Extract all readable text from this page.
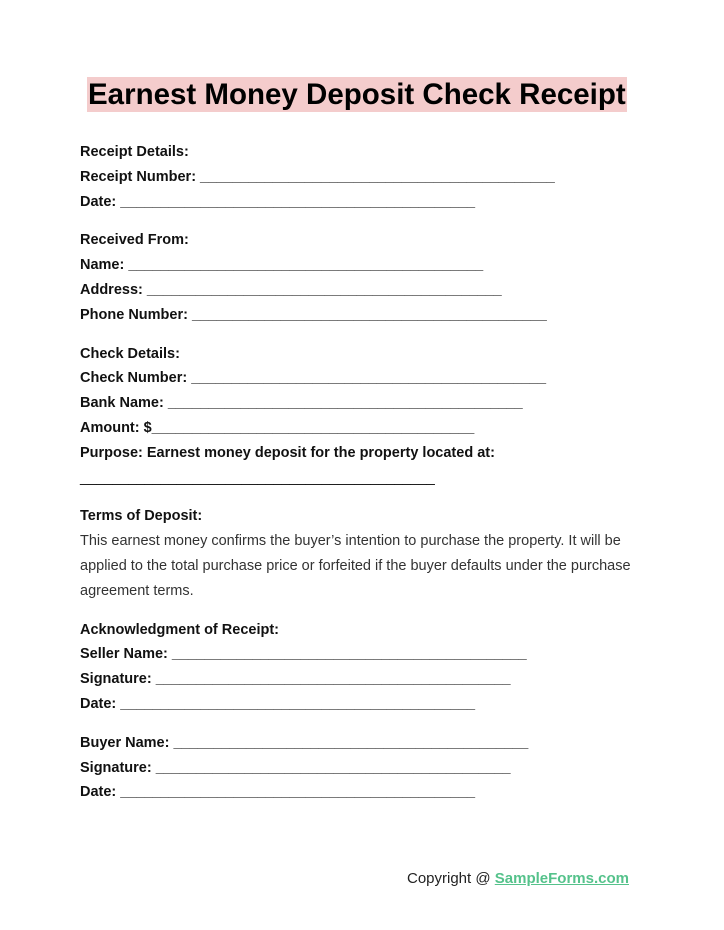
Earnest Money Deposit Check Receipt
Receipt Details:
Receipt Number: ____________________________________________
Date: ____________________________________________
Received From:
Name: ____________________________________________
Address: ____________________________________________
Phone Number: ____________________________________________
Check Details:
Check Number: ____________________________________________
Bank Name: ____________________________________________
Amount: $________________________________________
Purpose: Earnest money deposit for the property located at:
____________________________________________
Terms of Deposit:
This earnest money confirms the buyer’s intention to purchase the property. It will be applied to the total purchase price or forfeited if the buyer defaults under the purchase agreement terms.
Acknowledgment of Receipt:
Seller Name: ____________________________________________
Signature: ____________________________________________
Date: ____________________________________________
Buyer Name: ____________________________________________
Signature: ____________________________________________
Date: ____________________________________________
Copyright @ SampleForms.com
